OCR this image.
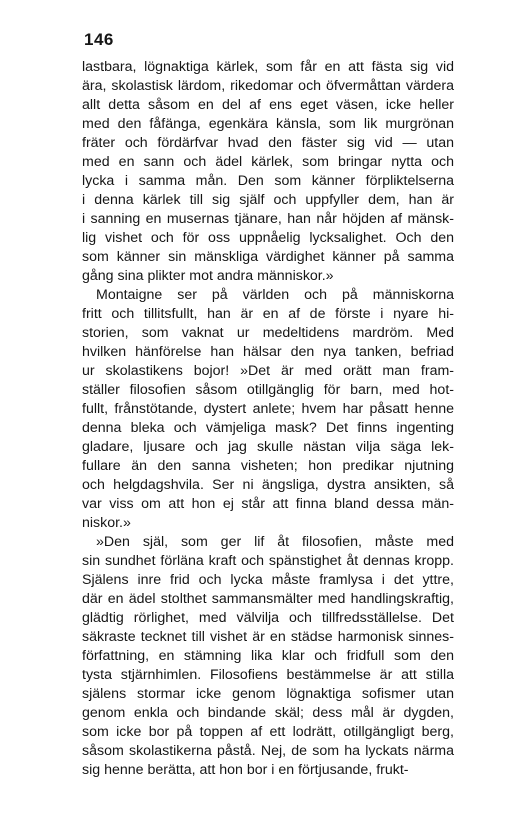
146
lastbara, lögnaktiga kärlek, som får en att fästa sig vid
ära, skolastisk lärdom, rikedomar och öfvermåttan värdera
allt detta såsom en del af ens eget väsen, icke heller
med den fåfänga, egenkära känsla, som lik murgrönan
fräter och fördärfvar hvad den fäster sig vid — utan
med en sann och ädel kärlek, som bringar nytta och
lycka i samma mån. Den som känner förpliktelserna
i denna kärlek till sig själf och uppfyller dem, han är
i sanning en musernas tjänare, han når höjden af mänsk-
lig vishet och för oss uppnåelig lycksalighet. Och den
som känner sin mänskliga värdighet känner på samma
gång sina plikter mot andra människor.»
Montaigne ser på världen och på människorna
fritt och tillitsfullt, han är en af de förste i nyare hi-
storien, som vaknat ur medeltidens mardröm. Med
hvilken hänförelse han hälsar den nya tanken, befriad
ur skolastikens bojor! »Det är med orätt man fram-
ställer filosofien såsom otillgänglig för barn, med hot-
fullt, frånstötande, dystert anlete; hvem har påsatt henne
denna bleka och vämjeliga mask? Det finns ingenting
gladare, ljusare och jag skulle nästan vilja säga lek-
fullare än den sanna visheten; hon predikar njutning
och helgdagshvila. Ser ni ängsliga, dystra ansikten, så
var viss om att hon ej står att finna bland dessa män-
niskor.»
»Den själ, som ger lif åt filosofien, måste med
sin sundhet förläna kraft och spänstighet åt dennas kropp.
Själens inre frid och lycka måste framlysa i det yttre,
där en ädel stolthet sammansmälter med handlingskraftig,
glädtig rörlighet, med välvilja och tillfredsställelse. Det
säkraste tecknet till vishet är en städse harmonisk sinnes-
författning, en stämning lika klar och fridfull som den
tysta stjärnhimlen. Filosofiens bestämmelse är att stilla
själens stormar icke genom lögnaktiga sofismer utan
genom enkla och bindande skäl; dess mål är dygden,
som icke bor på toppen af ett lodrätt, otillgängligt berg,
såsom skolastikerna påstå. Nej, de som ha lyckats närma
sig henne berätta, att hon bor i en förtjusande, frukt-
